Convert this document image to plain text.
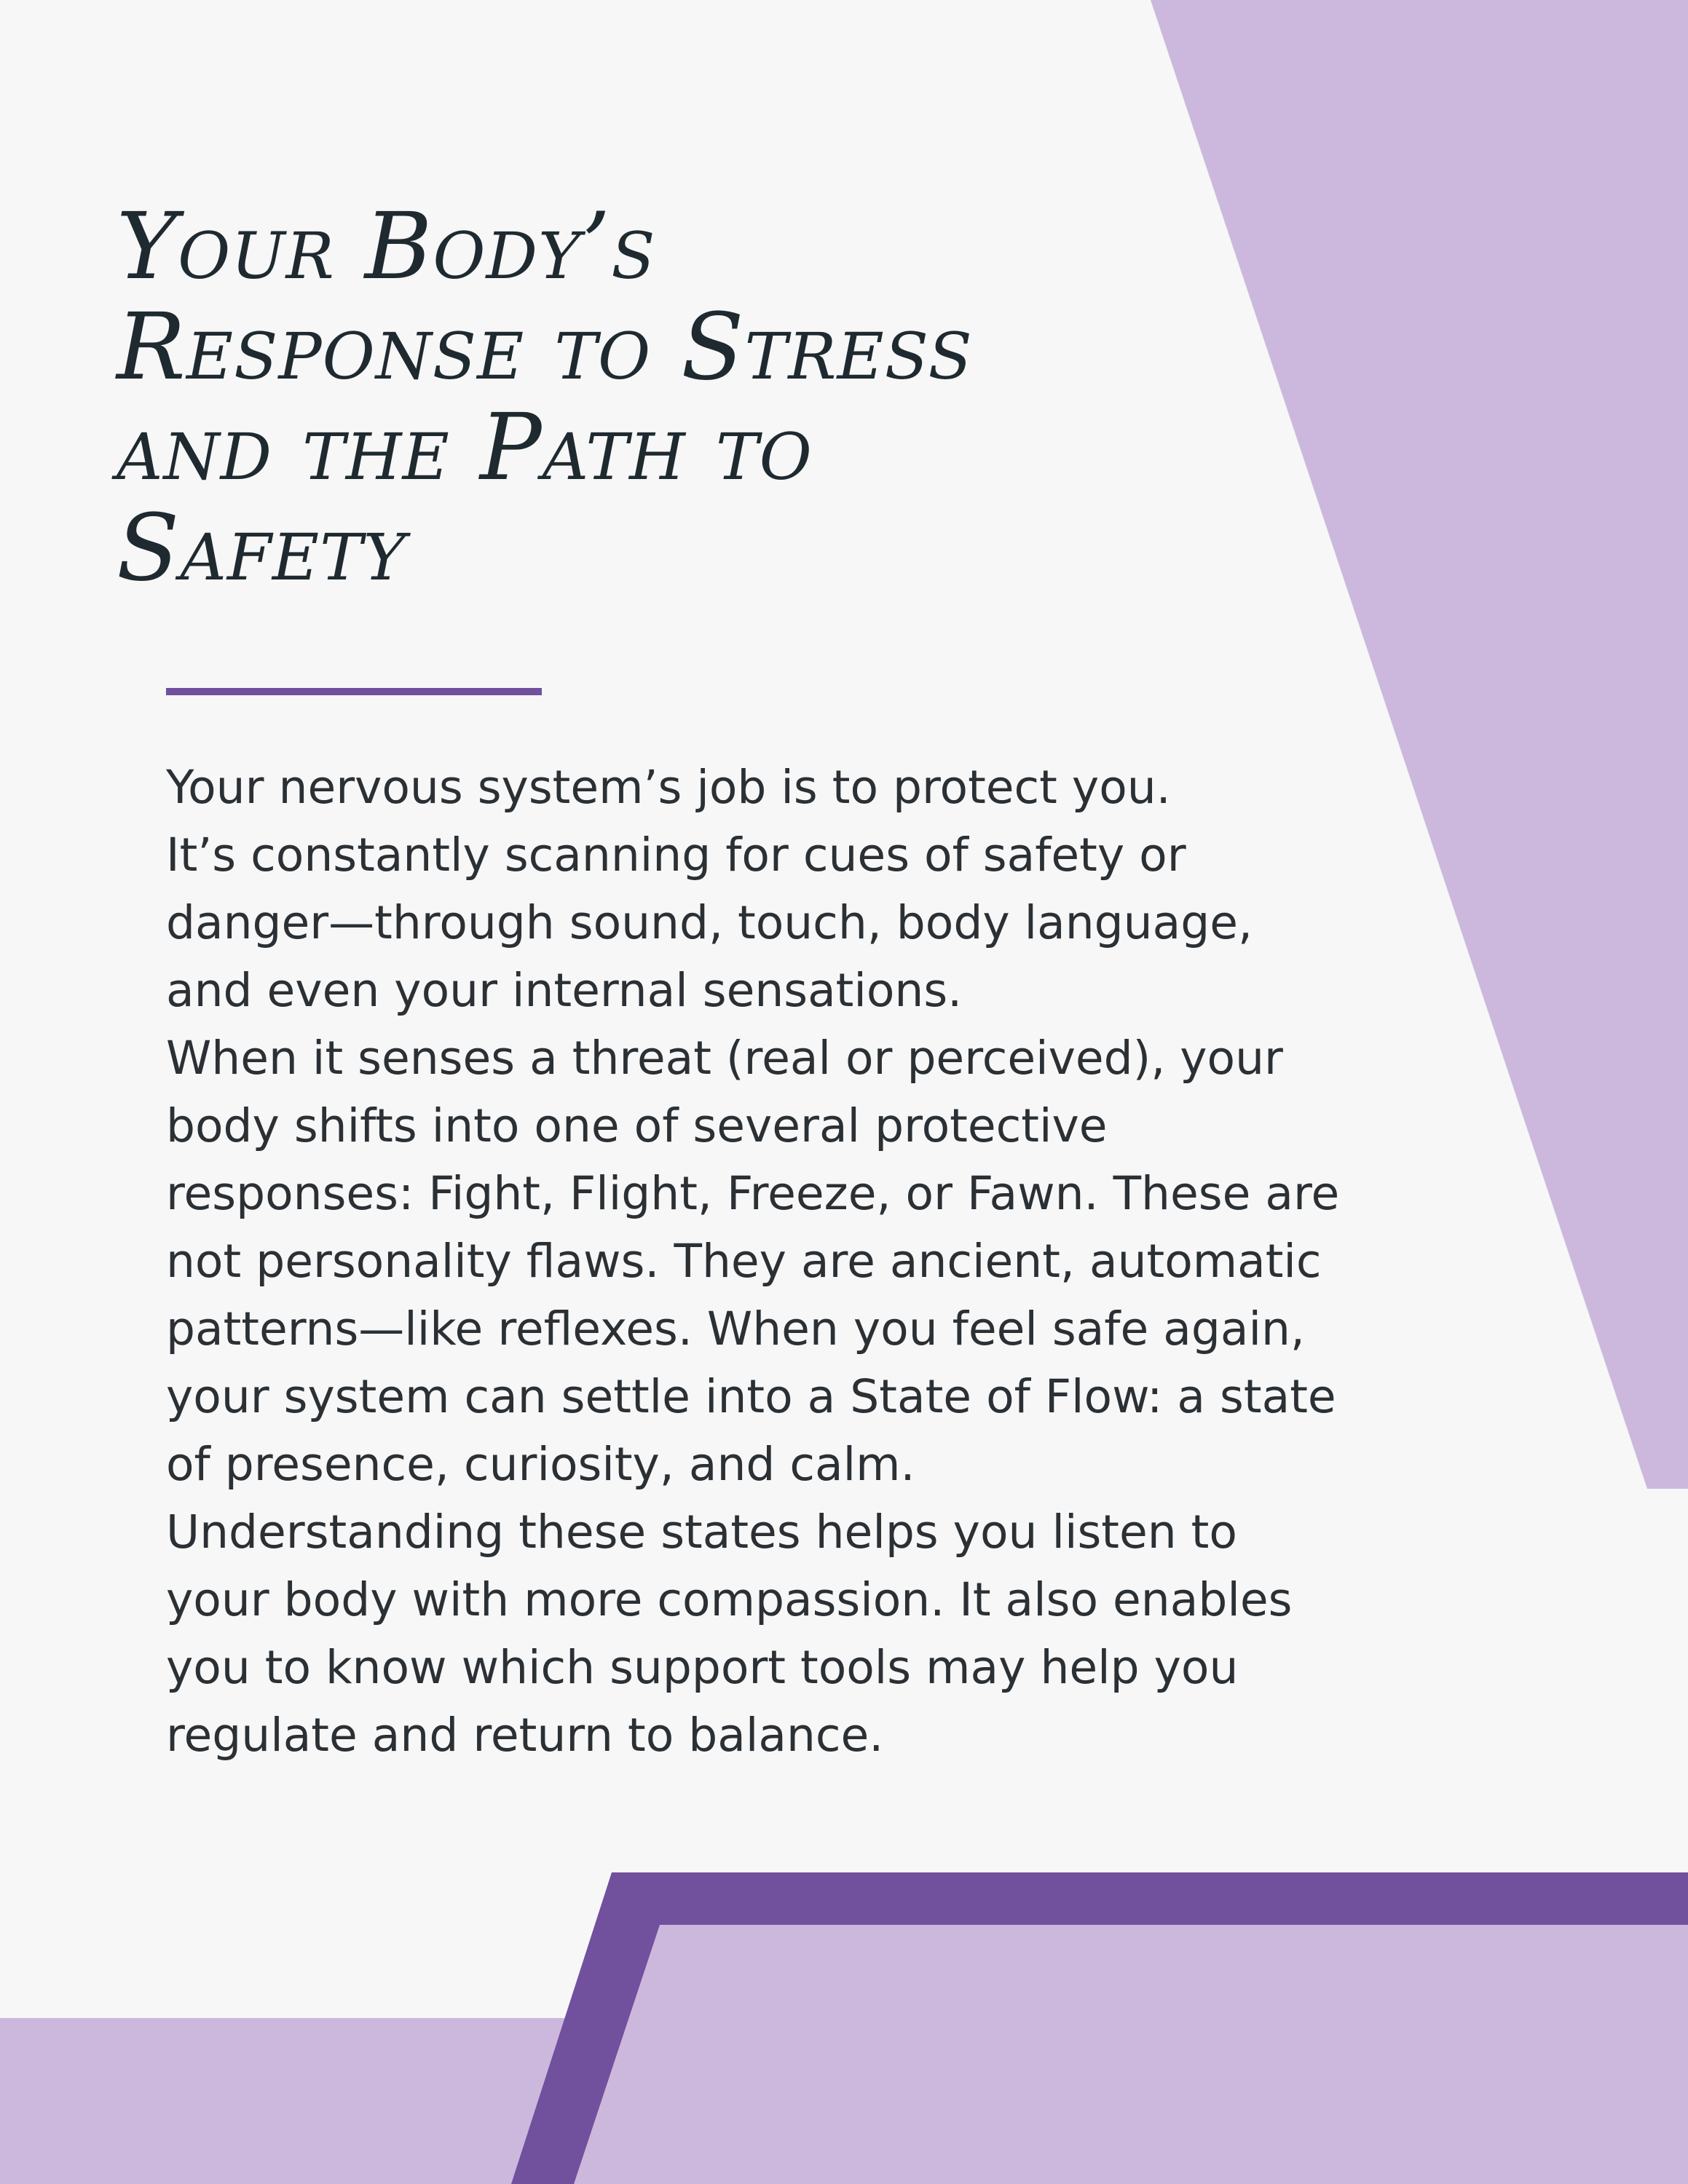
Your Body’s
Response to Stress
and the Path to
Safety
Your nervous system’s job is to protect you.
It’s constantly scanning for cues of safety or
danger—through sound, touch, body language,
and even your internal sensations.
When it senses a threat (real or perceived), your
body shifts into one of several protective
responses: Fight, Flight, Freeze, or Fawn. These are
not personality flaws. They are ancient, automatic
patterns—like reflexes. When you feel safe again,
your system can settle into a State of Flow: a state
of presence, curiosity, and calm.
Understanding these states helps you listen to
your body with more compassion. It also enables
you to know which support tools may help you
regulate and return to balance.
